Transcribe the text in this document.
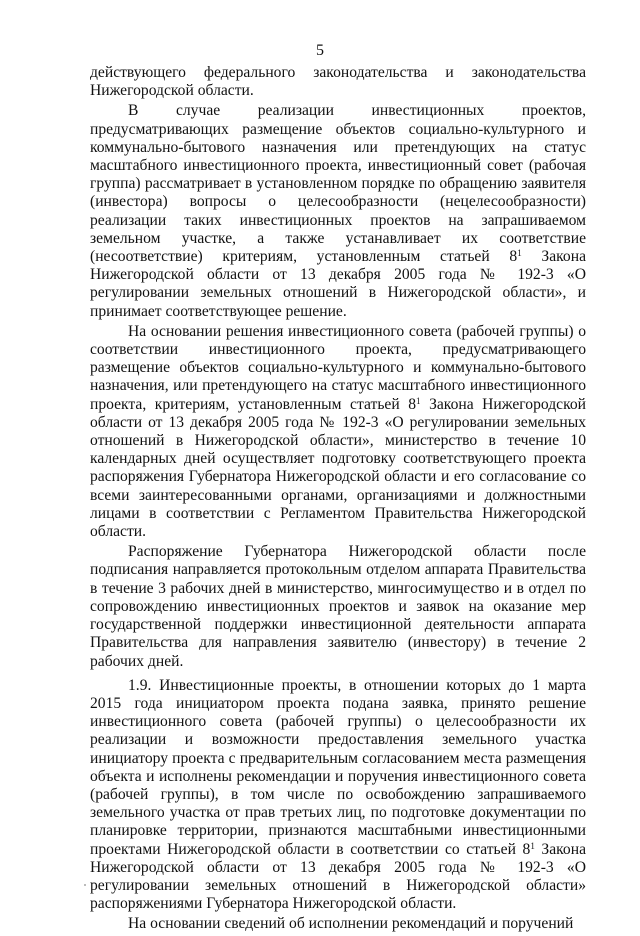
5

действующего федерального законодательства и законодательства Нижегородской области.

В случае реализации инвестиционных проектов, предусматривающих размещение объектов социально-культурного и коммунально-бытового назначения или претендующих на статус масштабного инвестиционного проекта, инвестиционный совет (рабочая группа) рассматривает в установленном порядке по обращению заявителя (инвестора) вопросы о целесообразности (нецелесообразности) реализации таких инвестиционных проектов на запрашиваемом земельном участке, а также устанавливает их соответствие (несоответствие) критериям, установленным статьей $8^1$ Закона Нижегородской области от 13 декабря 2005 года № 192-3 «О регулировании земельных отношений в Нижегородской области», и принимает соответствующее решение.

На основании решения инвестиционного совета (рабочей группы) о соответствии инвестиционного проекта, предусматривающего размещение объектов социально-культурного и коммунально-бытового назначения, или претендующего на статус масштабного инвестиционного проекта, критериям, установленным статьей $8^1$ Закона Нижегородской области от 13 декабря 2005 года № 192-3 «О регулировании земельных отношений в Нижегородской области», министерство в течение 10 календарных дней осуществляет подготовку соответствующего проекта распоряжения Губернатора Нижегородской области и его согласование со всеми заинтересованными органами, организациями и должностными лицами в соответствии с Регламентом Правительства Нижегородской области.

Распоряжение Губернатора Нижегородской области после подписания направляется протокольным отделом аппарата Правительства в течение 3 рабочих дней в министерство, мингосимущество и в отдел по сопровождению инвестиционных проектов и заявок на оказание мер государственной поддержки инвестиционной деятельности аппарата Правительства для направления заявителю (инвестору) в течение 2 рабочих дней.

1.9. Инвестиционные проекты, в отношении которых до 1 марта 2015 года инициатором проекта подана заявка, принято решение инвестиционного совета (рабочей группы) о целесообразности их реализации и возможности предоставления земельного участка инициатору проекта с предварительным согласованием места размещения объекта и исполнены рекомендации и поручения инвестиционного совета (рабочей группы), в том числе по освобождению запрашиваемого земельного участка от прав третьих лиц, по подготовке документации по планировке территории, признаются масштабными инвестиционными проектами Нижегородской области в соответствии со статьей $8^1$ Закона Нижегородской области от 13 декабря 2005 года № 192-3 «О регулировании земельных отношений в Нижегородской области» распоряжениями Губернатора Нижегородской области.

На основании сведений об исполнении рекомендаций и поручений
